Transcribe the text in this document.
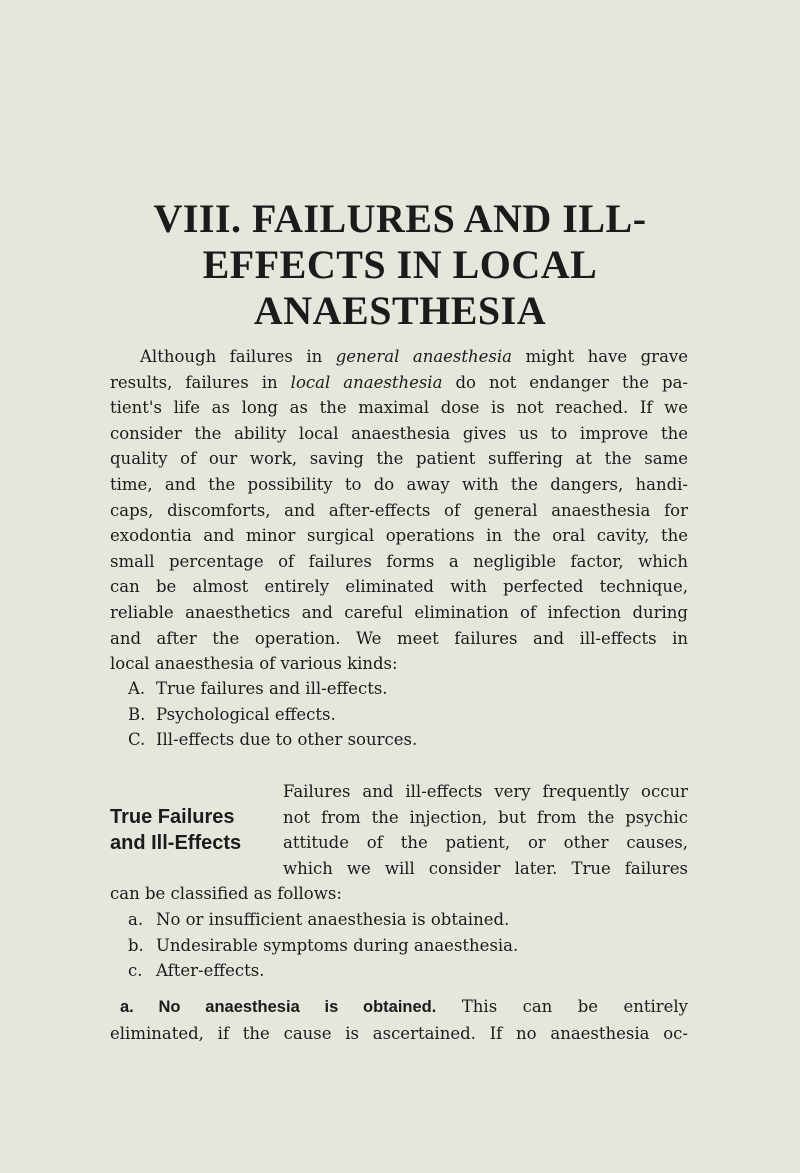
VIII. FAILURES AND ILL-
EFFECTS IN LOCAL
ANAESTHESIA
Although failures in general anaesthesia might have grave
results, failures in local anaesthesia do not endanger the pa-
tient's life as long as the maximal dose is not reached. If we
consider the ability local anaesthesia gives us to improve the
quality of our work, saving the patient suffering at the same
time, and the possibility to do away with the dangers, handi-
caps, discomforts, and after-effects of general anaesthesia for
exodontia and minor surgical operations in the oral cavity, the
small percentage of failures forms a negligible factor, which
can be almost entirely eliminated with perfected technique,
reliable anaesthetics and careful elimination of infection during
and after the operation. We meet failures and ill-effects in
local anaesthesia of various kinds:
A. True failures and ill-effects.
B. Psychological effects.
C. Ill-effects due to other sources.
True Failures
and Ill-Effects
Failures and ill-effects very frequently occur
not from the injection, but from the psychic
attitude of the patient, or other causes,
which we will consider later. True failures
can be classified as follows:
a. No or insufficient anaesthesia is obtained.
b. Undesirable symptoms during anaesthesia.
c. After-effects.
a. No anaesthesia is obtained. This can be entirely
eliminated, if the cause is ascertained. If no anaesthesia oc-
